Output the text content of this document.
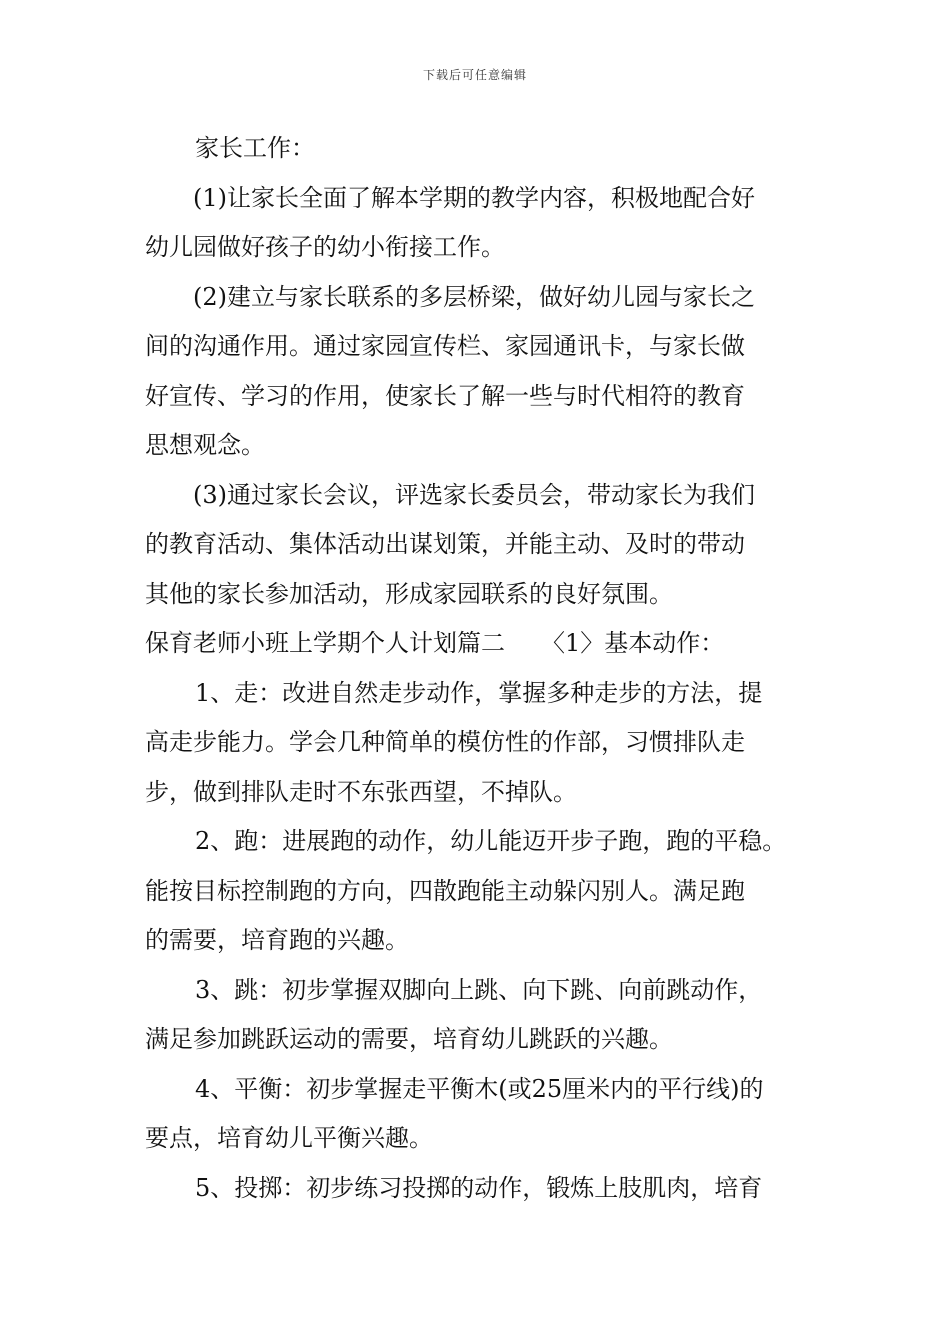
下载后可任意编辑
家长工作：
(1)让家长全面了解本学期的教学内容，积极地配合好
幼儿园做好孩子的幼小衔接工作。
(2)建立与家长联系的多层桥梁，做好幼儿园与家长之
间的沟通作用。通过家园宣传栏、家园通讯卡，与家长做
好宣传、学习的作用，使家长了解一些与时代相符的教育
思想观念。
(3)通过家长会议，评选家长委员会，带动家长为我们
的教育活动、集体活动出谋划策，并能主动、及时的带动
其他的家长参加活动，形成家园联系的良好氛围。
保育老师小班上学期个人计划篇二　　〈1〉基本动作：
1、走：改进自然走步动作，掌握多种走步的方法，提
高走步能力。学会几种简单的模仿性的作部，习惯排队走
步，做到排队走时不东张西望，不掉队。
2、跑：进展跑的动作，幼儿能迈开步子跑，跑的平稳。
能按目标控制跑的方向，四散跑能主动躲闪别人。满足跑
的需要，培育跑的兴趣。
3、跳：初步掌握双脚向上跳、向下跳、向前跳动作，
满足参加跳跃运动的需要，培育幼儿跳跃的兴趣。
4、平衡：初步掌握走平衡木(或25厘米内的平行线)的
要点，培育幼儿平衡兴趣。
5、投掷：初步练习投掷的动作，锻炼上肢肌肉，培育
